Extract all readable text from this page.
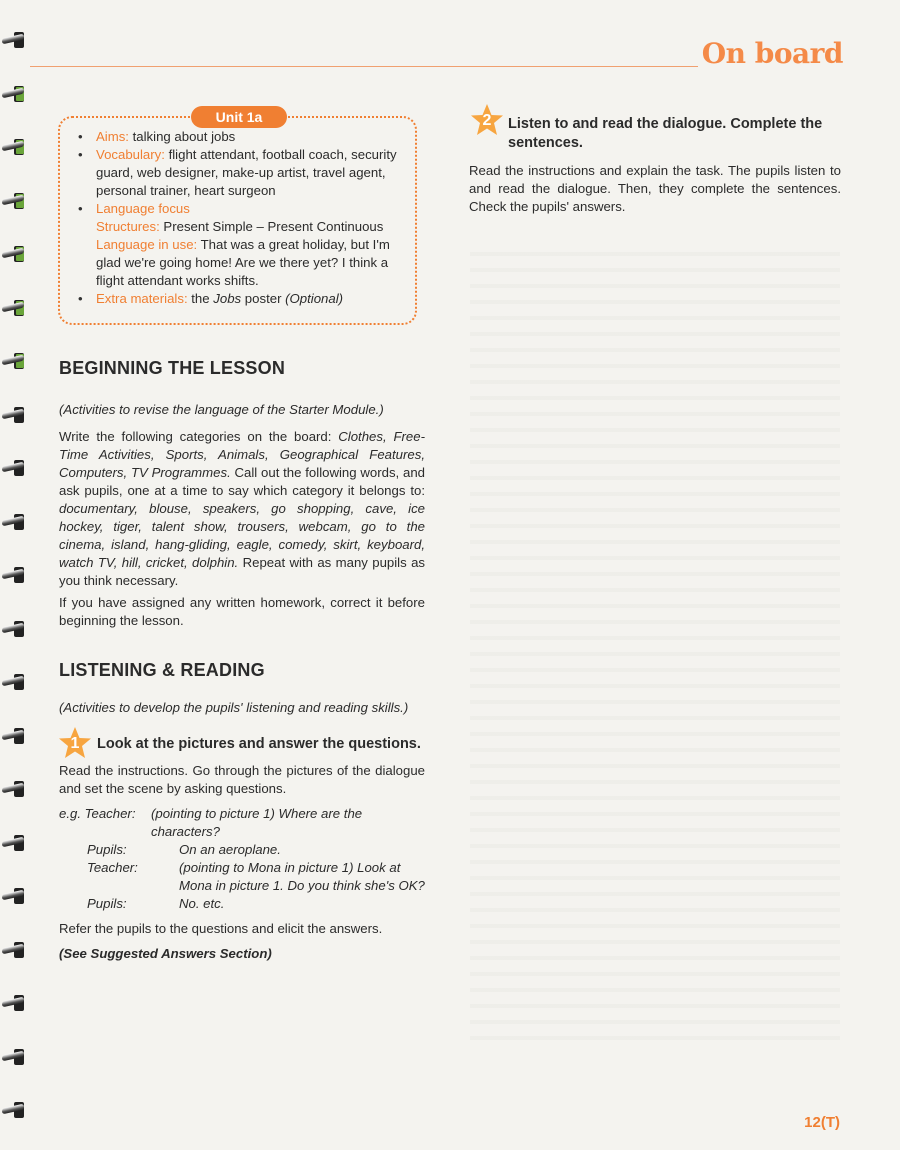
On board
• Aims: talking about jobs
• Vocabulary: flight attendant, football coach, security guard, web designer, make-up artist, travel agent, personal trainer, heart surgeon
• Language focus
Structures: Present Simple – Present Continuous
Language in use: That was a great holiday, but I'm glad we're going home! Are we there yet? I think a flight attendant works shifts.
• Extra materials: the Jobs poster (Optional)
Unit 1a
BEGINNING THE LESSON
(Activities to revise the language of the Starter Module.)
Write the following categories on the board: Clothes, Free-Time Activities, Sports, Animals, Geographical Features, Computers, TV Programmes. Call out the following words, and ask pupils, one at a time to say which category it belongs to: documentary, blouse, speakers, go shopping, cave, ice hockey, tiger, talent show, trousers, webcam, go to the cinema, island, hang-gliding, eagle, comedy, skirt, keyboard, watch TV, hill, cricket, dolphin. Repeat with as many pupils as you think necessary.
If you have assigned any written homework, correct it before beginning the lesson.
LISTENING & READING
(Activities to develop the pupils' listening and reading skills.)
1	Look at the pictures and answer the questions.
Read the instructions. Go through the pictures of the dialogue and set the scene by asking questions.
e.g. Teacher:	(pointing to picture 1) Where are the characters?
Pupils:	On an aeroplane.
Teacher:	(pointing to Mona in picture 1) Look at Mona in picture 1. Do you think she's OK?
Pupils:	No. etc.
Refer the pupils to the questions and elicit the answers.
(See Suggested Answers Section)
2	Listen to and read the dialogue. Complete the sentences.
Read the instructions and explain the task. The pupils listen to and read the dialogue. Then, they complete the sentences. Check the pupils' answers.
12(T)
